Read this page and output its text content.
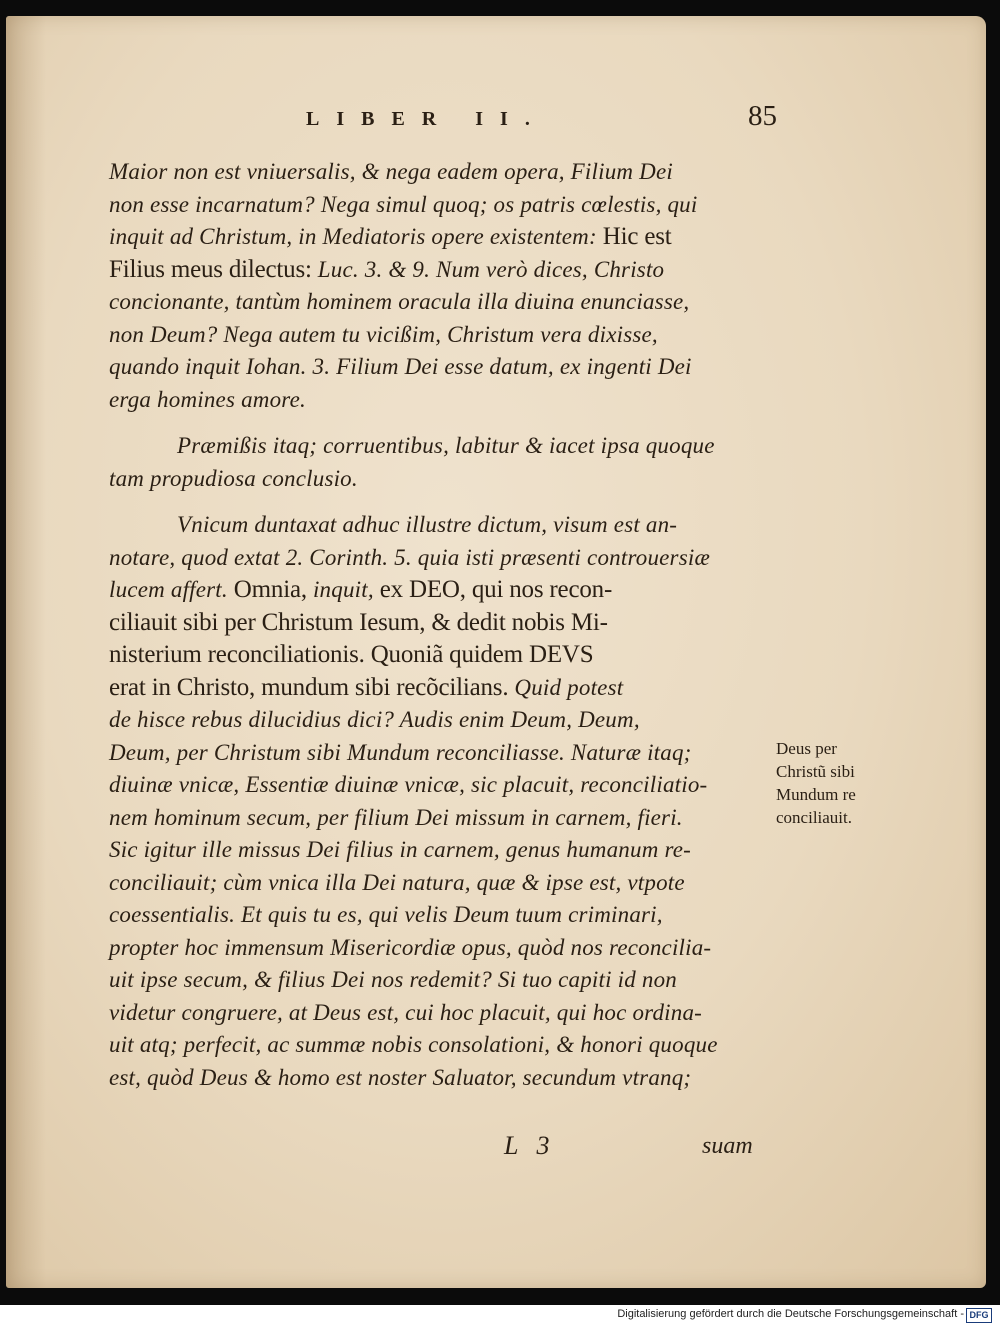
LIBER II.	85
Maior non est vniuersalis, & nega eadem opera, Filium Dei
non esse incarnatum? Nega simul quoq; os patris cœlestis, qui
inquit ad Christum, in Mediatoris opere existentem: Hic est
Filius meus dilectus: Luc. 3. & 9. Num verò dices, Christo
concionante, tantùm hominem oracula illa diuina enunciasse,
non Deum? Nega autem tu vicißim, Christum vera dixisse,
quando inquit Iohan. 3. Filium Dei esse datum, ex ingenti Dei
erga homines amore.
Præmißis itaq; corruentibus, labitur & iacet ipsa quoque
tam propudiosa conclusio.
Vnicum duntaxat adhuc illustre dictum, visum est an-
notare, quod extat 2. Corinth. 5. quia isti præsenti controuersiæ
lucem affert. Omnia, inquit, ex DEO, qui nos recon-
ciliauit sibi per Christum Iesum, & dedit nobis Mi-
nisterium reconciliationis. Quoniã quidem DEVS
erat in Christo, mundum sibi recõcilians. Quid potest
de hisce rebus dilucidius dici? Audis enim Deum, Deum,
Deum, per Christum sibi Mundum reconciliasse. Naturæ itaq;
diuinæ vnicæ, Essentiæ diuinæ vnicæ, sic placuit, reconciliatio-
nem hominum secum, per filium Dei missum in carnem, fieri.
Sic igitur ille missus Dei filius in carnem, genus humanum re-
conciliauit; cùm vnica illa Dei natura, quæ & ipse est, vtpote
coessentialis. Et quis tu es, qui velis Deum tuum criminari,
propter hoc immensum Misericordiæ opus, quòd nos reconcilia-
uit ipse secum, & filius Dei nos redemit? Si tuo capiti id non
videtur congruere, at Deus est, cui hoc placuit, qui hoc ordina-
uit atq; perfecit, ac summæ nobis consolationi, & honori quoque
est, quòd Deus & homo est noster Saluator, secundum vtranq;
Deus per
Christũ sibi
Mundum re
conciliauit.
L 3	suam
Digitalisierung gefördert durch die Deutsche Forschungsgemeinschaft - DFG
